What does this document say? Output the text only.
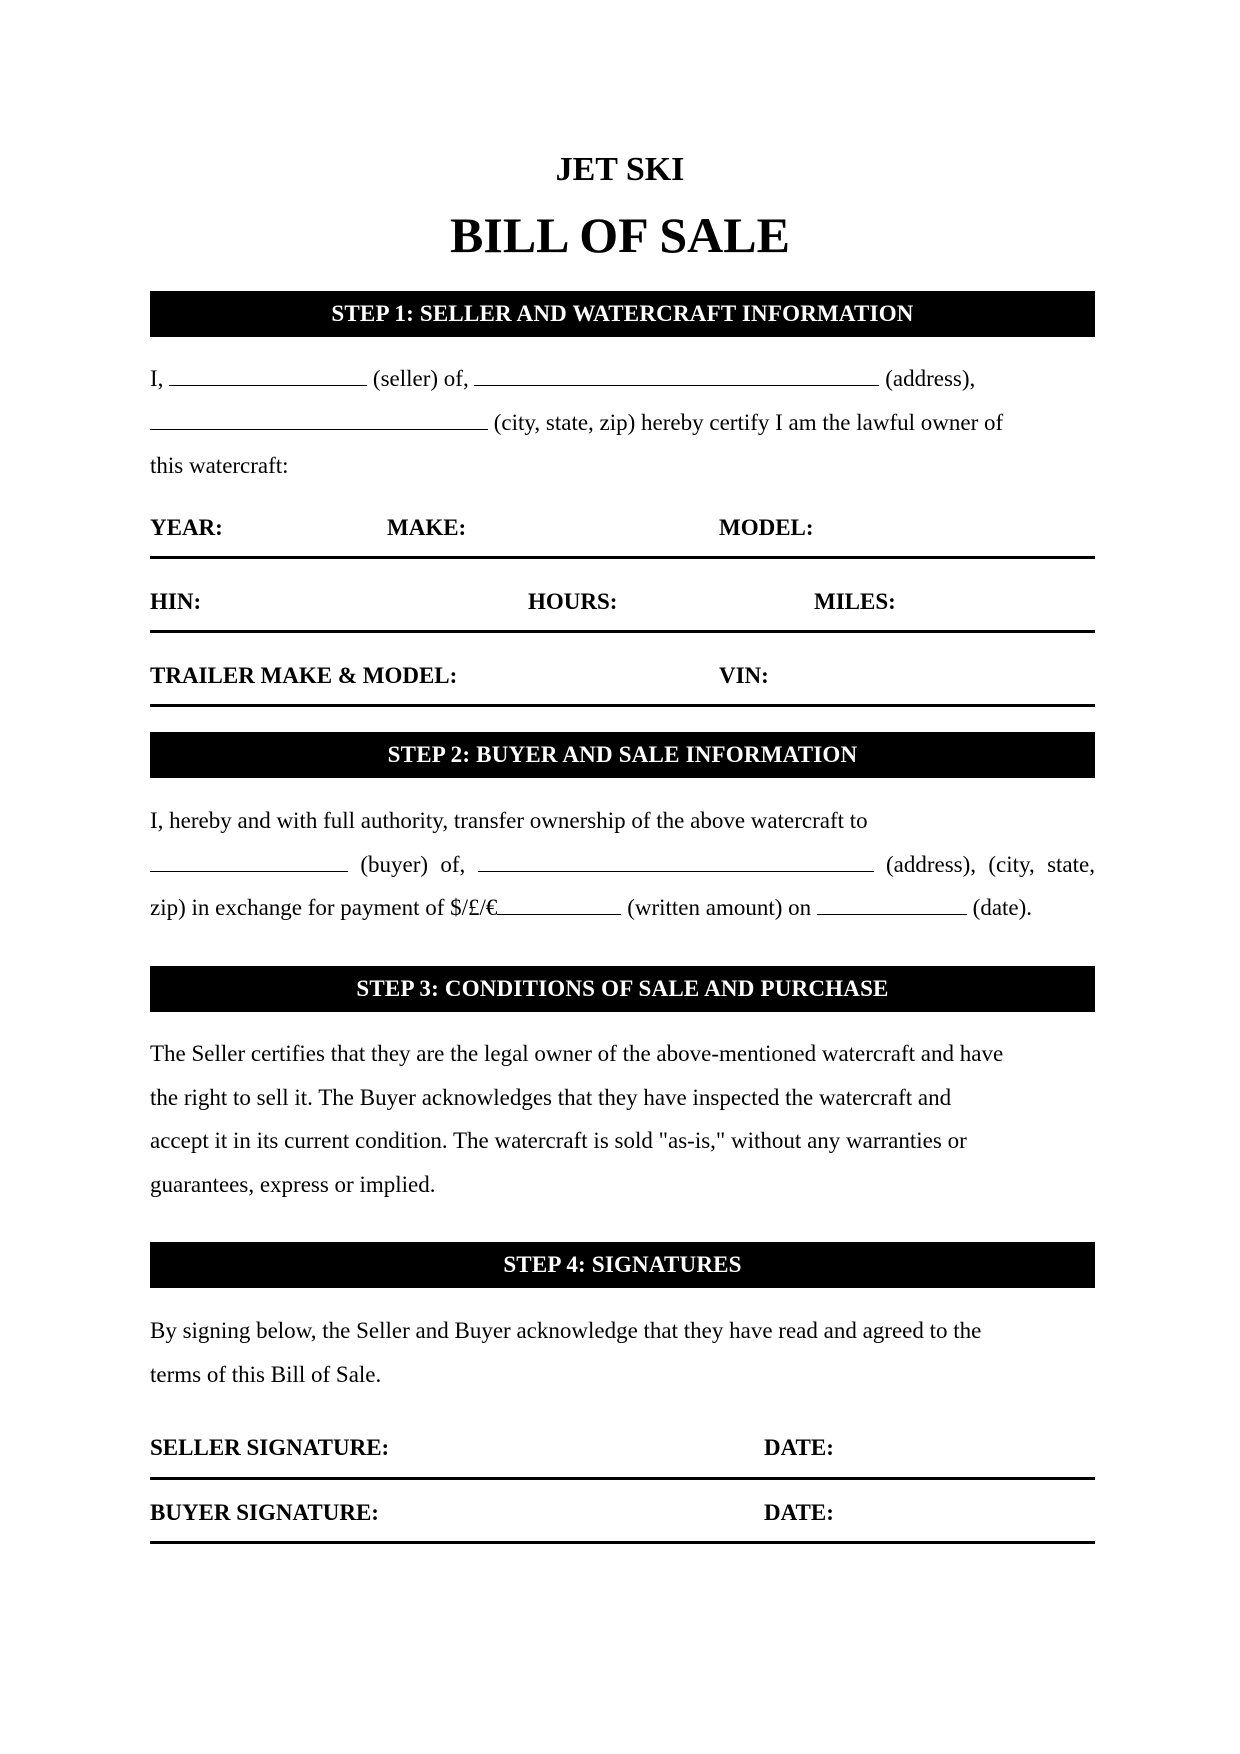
JET SKI
BILL OF SALE
STEP 1: SELLER AND WATERCRAFT INFORMATION
I,	(seller) of,	(address),
(city, state, zip) hereby certify I am the lawful owner of
this watercraft:
YEAR:	MAKE:	MODEL:
HIN:	HOURS:	MILES:
TRAILER MAKE & MODEL:	VIN:
STEP 2: BUYER AND SALE INFORMATION
I, hereby and with full authority, transfer ownership of the above watercraft to
(buyer) of,	(address), (city, state,
zip) in exchange for payment of $/£/€	(written amount) on	(date).
STEP 3: CONDITIONS OF SALE AND PURCHASE
The Seller certifies that they are the legal owner of the above-mentioned watercraft and have
the right to sell it. The Buyer acknowledges that they have inspected the watercraft and
accept it in its current condition. The watercraft is sold "as-is," without any warranties or
guarantees, express or implied.
STEP 4: SIGNATURES
By signing below, the Seller and Buyer acknowledge that they have read and agreed to the
terms of this Bill of Sale.
SELLER SIGNATURE:	DATE:
BUYER SIGNATURE:	DATE:
